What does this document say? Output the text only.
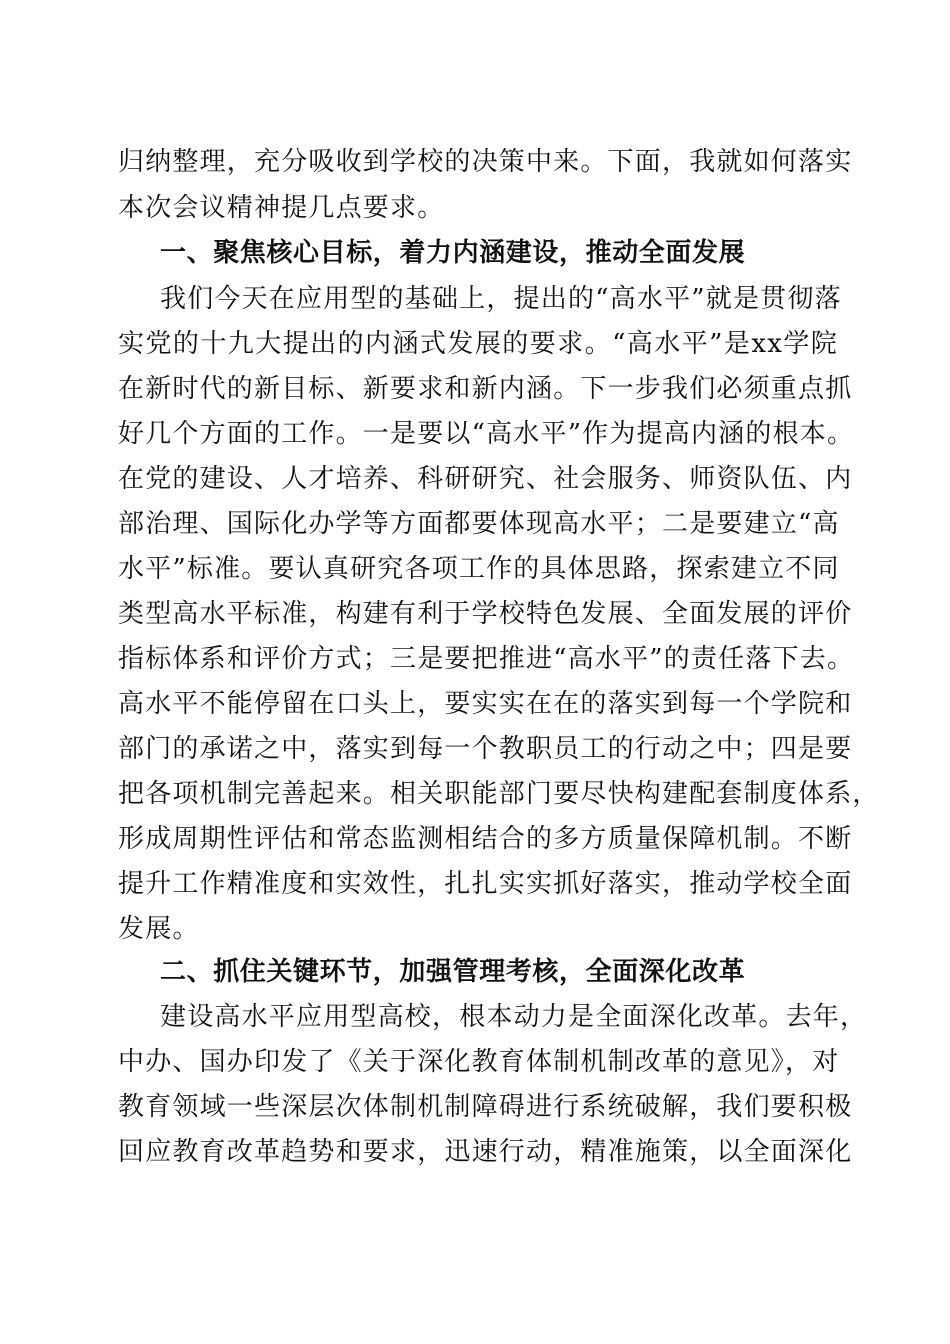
归纳整理，充分吸收到学校的决策中来。下面，我就如何落实
本次会议精神提几点要求。
一、聚焦核心目标，着力内涵建设，推动全面发展
我们今天在应用型的基础上，提出的“高水平”就是贯彻落
实党的十九大提出的内涵式发展的要求。“高水平”是xx学院
在新时代的新目标、新要求和新内涵。下一步我们必须重点抓
好几个方面的工作。一是要以“高水平”作为提高内涵的根本。
在党的建设、人才培养、科研研究、社会服务、师资队伍、内
部治理、国际化办学等方面都要体现高水平；二是要建立“高
水平”标准。要认真研究各项工作的具体思路，探索建立不同
类型高水平标准，构建有利于学校特色发展、全面发展的评价
指标体系和评价方式；三是要把推进“高水平”的责任落下去。
高水平不能停留在口头上，要实实在在的落实到每一个学院和
部门的承诺之中，落实到每一个教职员工的行动之中；四是要
把各项机制完善起来。相关职能部门要尽快构建配套制度体系，
形成周期性评估和常态监测相结合的多方质量保障机制。不断
提升工作精准度和实效性，扎扎实实抓好落实，推动学校全面
发展。
二、抓住关键环节，加强管理考核，全面深化改革
建设高水平应用型高校，根本动力是全面深化改革。去年，
中办、国办印发了《关于深化教育体制机制改革的意见》，对
教育领域一些深层次体制机制障碍进行系统破解，我们要积极
回应教育改革趋势和要求，迅速行动，精准施策，以全面深化
